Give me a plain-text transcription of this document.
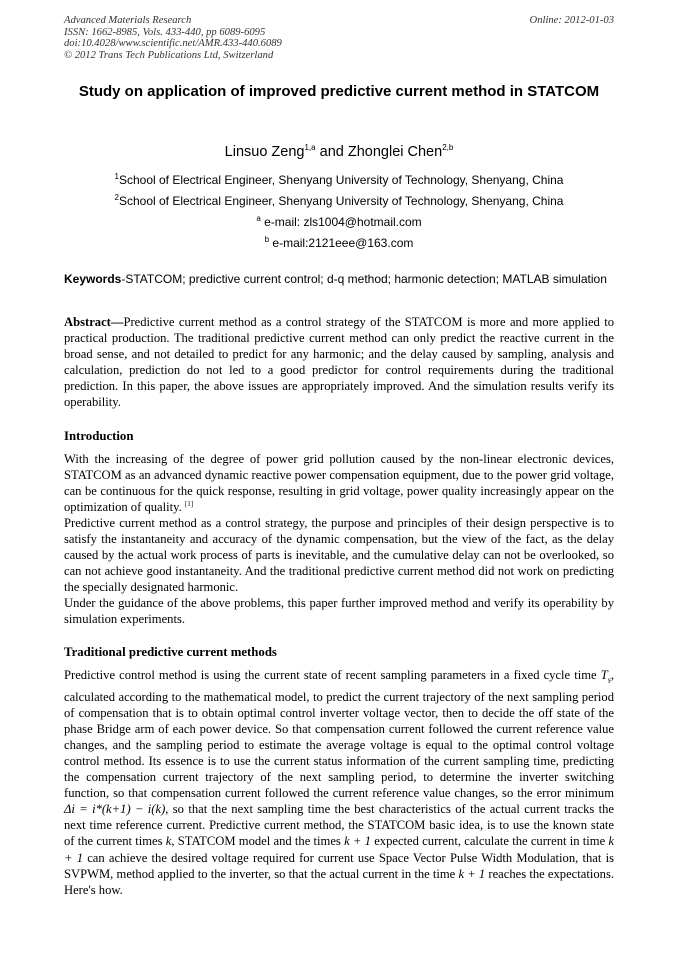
Advanced Materials Research
ISSN: 1662-8985, Vols. 433-440, pp 6089-6095
doi:10.4028/www.scientific.net/AMR.433-440.6089
© 2012 Trans Tech Publications Ltd, Switzerland
Online: 2012-01-03
Study on application of improved predictive current method in STATCOM
Linsuo Zeng$^{1,a}$ and Zhonglei Chen$^{2,b}$
$^1$School of Electrical Engineer, Shenyang University of Technology, Shenyang, China
$^2$School of Electrical Engineer, Shenyang University of Technology, Shenyang, China
$^a$ e-mail: zls1004@hotmail.com
$^b$ e-mail:2121eee@163.com
Keywords-STATCOM; predictive current control; d-q method; harmonic detection; MATLAB simulation
Abstract—Predictive current method as a control strategy of the STATCOM is more and more applied to practical production. The traditional predictive current method can only predict the reactive current in the broad sense, and not detailed to predict for any harmonic; and the delay caused by sampling, analysis and calculation, prediction do not led to a good predictor for control requirements during the traditional prediction. In this paper, the above issues are appropriately improved. And the simulation results verify its operability.
Introduction
With the increasing of the degree of power grid pollution caused by the non-linear electronic devices, STATCOM as an advanced dynamic reactive power compensation equipment, due to the power grid voltage, can be continuous for the quick response, resulting in grid voltage, power quality increasingly appear on the optimization of quality. [1]
Predictive current method as a control strategy, the purpose and principles of their design perspective is to satisfy the instantaneity and accuracy of the dynamic compensation, but the view of the fact, as the delay caused by the actual work process of parts is inevitable, and the cumulative delay can not be overlooked, so can not achieve good instantaneity. And the traditional predictive current method did not work on predicting the specially designated harmonic.
Under the guidance of the above problems, this paper further improved method and verify its operability by simulation experiments.
Traditional predictive current methods
Predictive control method is using the current state of recent sampling parameters in a fixed cycle time $T_s$, calculated according to the mathematical model, to predict the current trajectory of the next sampling period of compensation that is to obtain optimal control inverter voltage vector, then to decide the off state of the phase Bridge arm of each power device. So that compensation current followed the current reference value changes, and the sampling period to estimate the average voltage is equal to the optimal control voltage control method. Its essence is to use the current status information of the current sampling time, predicting the compensation current trajectory of the next sampling period, to determine the inverter switching function, so that compensation current followed the current reference value changes, so the error minimum Δi = i*(k+1) − i(k), so that the next sampling time the best characteristics of the actual current tracks the next time reference current. Predictive current method, the STATCOM basic idea, is to use the known state of the current times k, STATCOM model and the times k + 1 expected current, calculate the current in time k + 1 can achieve the desired voltage required for current use Space Vector Pulse Width Modulation, that is SVPWM, method applied to the inverter, so that the actual current in the time k + 1 reaches the expectations. Here's how.
